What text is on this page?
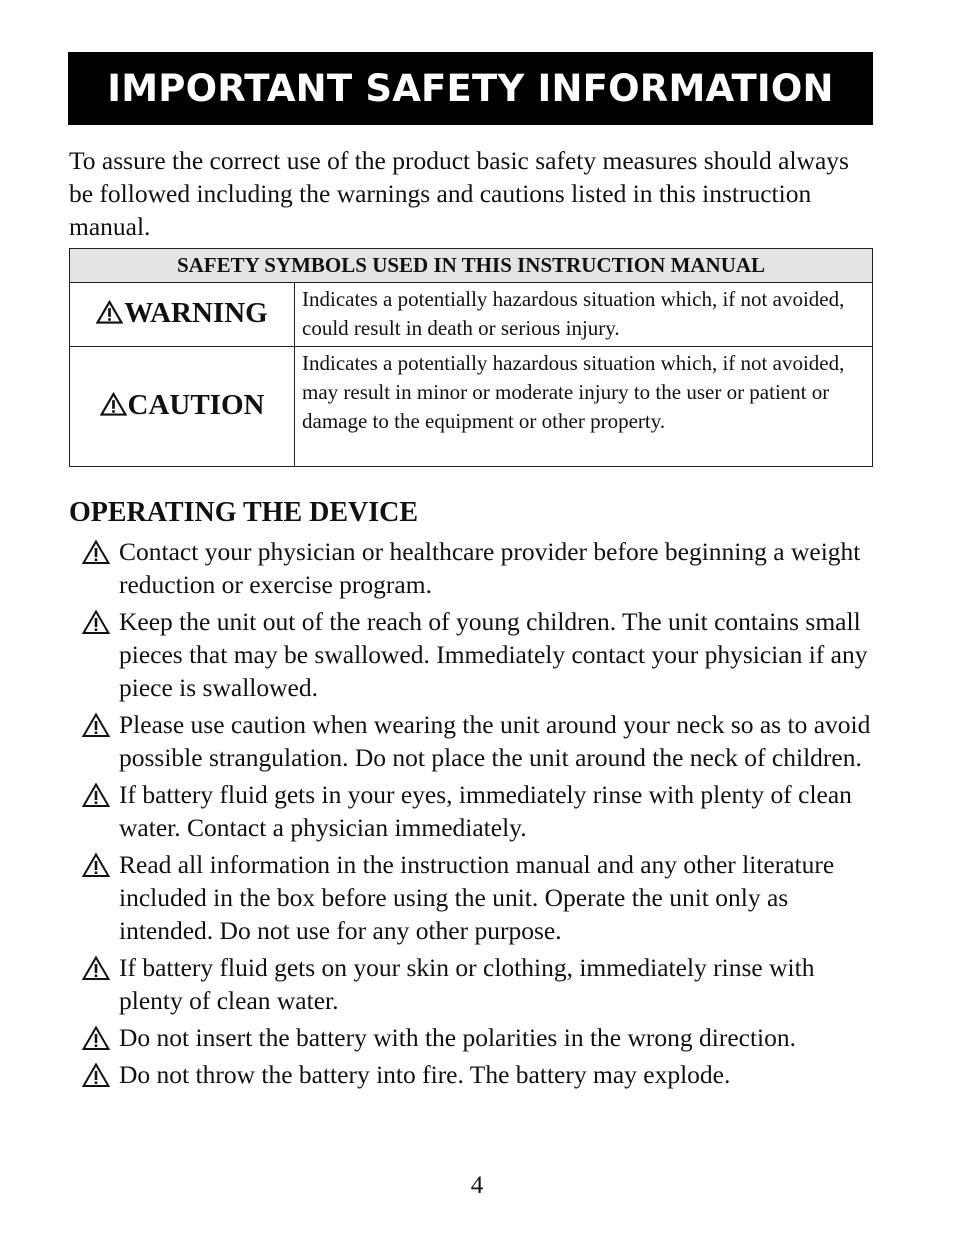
IMPORTANT SAFETY INFORMATION

To assure the correct use of the product basic safety measures should always be followed including the warnings and cautions listed in this instruction manual.

SAFETY SYMBOLS USED IN THIS INSTRUCTION MANUAL	
WARNING	Indicates a potentially hazardous situation which, if not avoided, could result in death or serious injury.
CAUTION	Indicates a potentially hazardous situation which, if not avoided, may result in minor or moderate injury to the user or patient or damage to the equipment or other property.
OPERATING THE DEVICE
Contact your physician or healthcare provider before beginning a weight reduction or exercise program.
Keep the unit out of the reach of young children. The unit contains small pieces that may be swallowed. Immediately contact your physician if any piece is swallowed.
Please use caution when wearing the unit around your neck so as to avoid possible strangulation. Do not place the unit around the neck of children.
If battery fluid gets in your eyes, immediately rinse with plenty of clean water. Contact a physician immediately.
Read all information in the instruction manual and any other literature included in the box before using the unit. Operate the unit only as intended. Do not use for any other purpose.
If battery fluid gets on your skin or clothing, immediately rinse with plenty of clean water.
Do not insert the battery with the polarities in the wrong direction.
Do not throw the battery into fire. The battery may explode.
4
